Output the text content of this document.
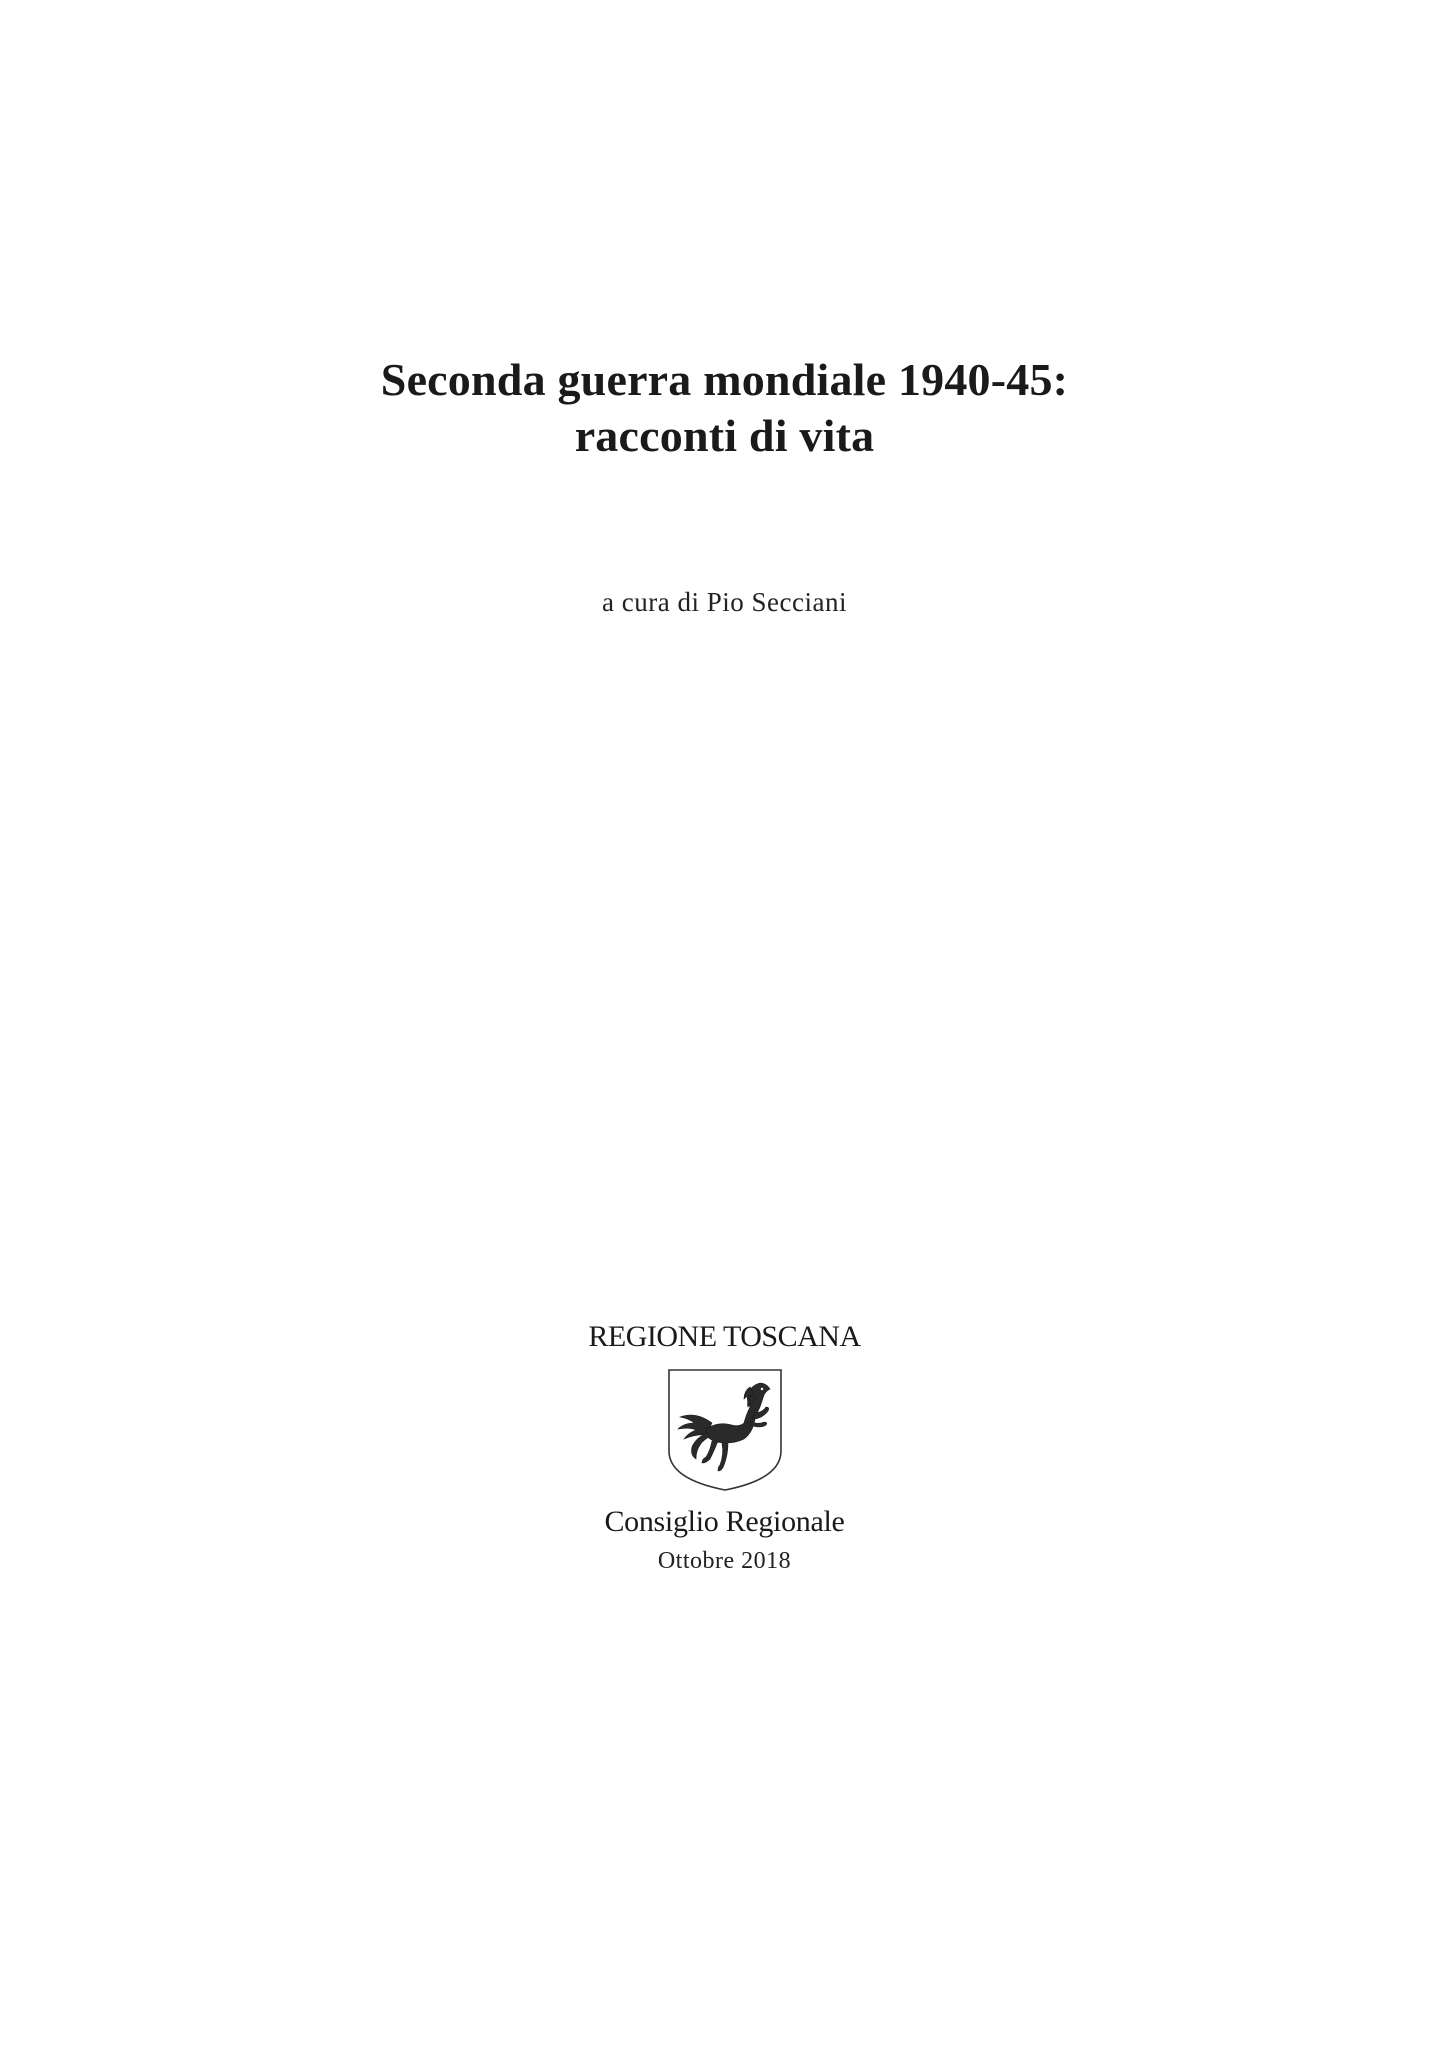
Seconda guerra mondiale 1940-45:
racconti di vita
a cura di Pio Secciani
REGIONE TOSCANA
Consiglio Regionale
Ottobre 2018
